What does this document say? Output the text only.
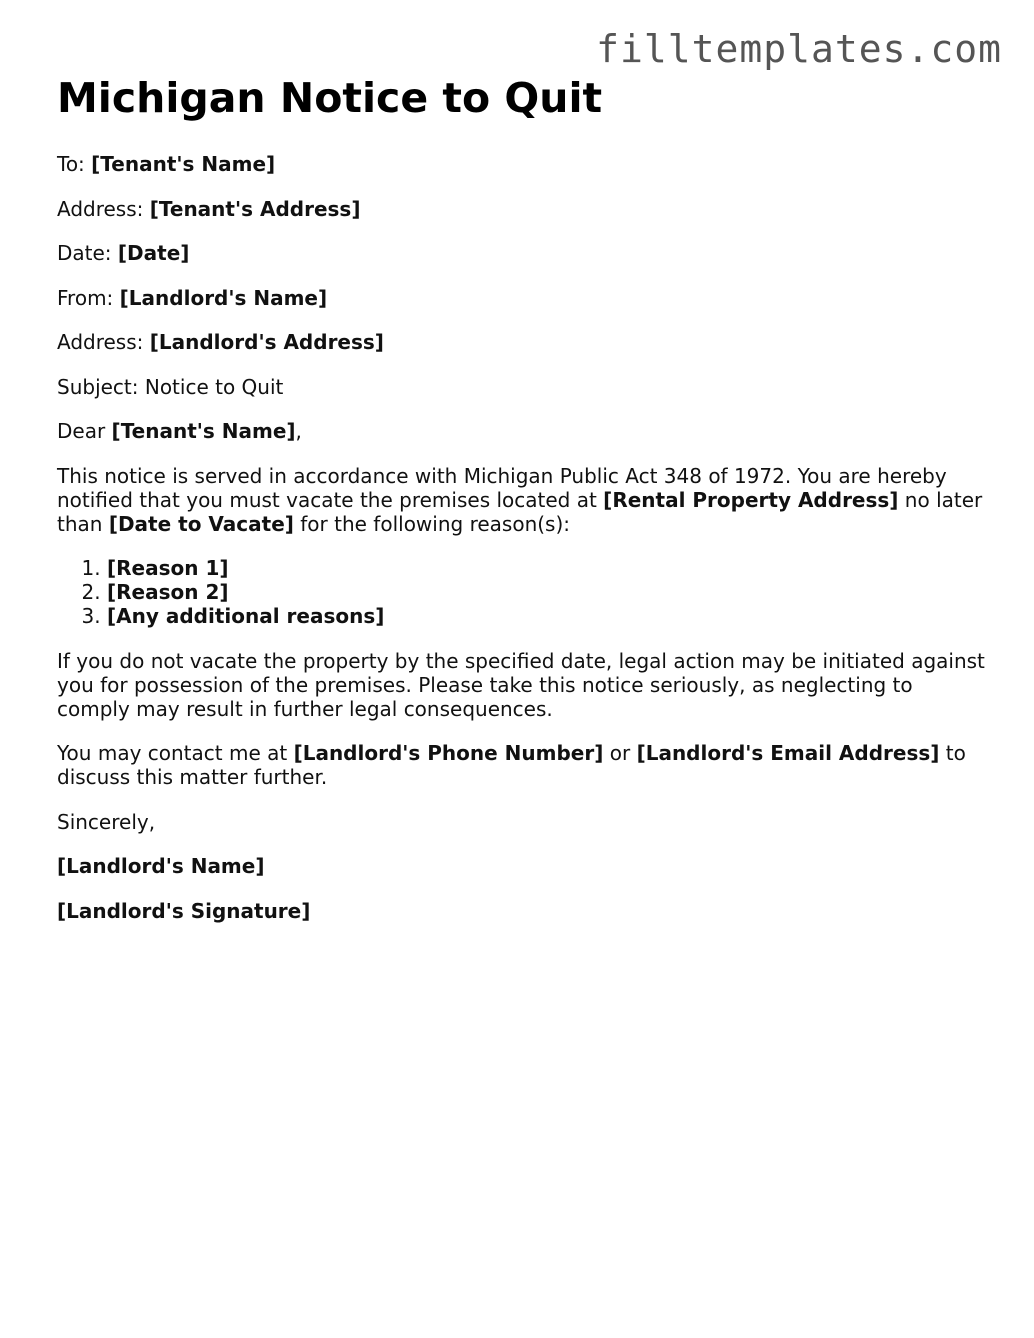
filltemplates.com
Michigan Notice to Quit

To: [Tenant's Name]

Address: [Tenant's Address]

Date: [Date]

From: [Landlord's Name]

Address: [Landlord's Address]

Subject: Notice to Quit

Dear [Tenant's Name],

This notice is served in accordance with Michigan Public Act 348 of 1972. You are hereby notified that you must vacate the premises located at [Rental Property Address] no later than [Date to Vacate] for the following reason(s):

1. [Reason 1]
2. [Reason 2]
3. [Any additional reasons]

If you do not vacate the property by the specified date, legal action may be initiated against you for possession of the premises. Please take this notice seriously, as neglecting to comply may result in further legal consequences.

You may contact me at [Landlord's Phone Number] or [Landlord's Email Address] to discuss this matter further.

Sincerely,

[Landlord's Name]

[Landlord's Signature]
